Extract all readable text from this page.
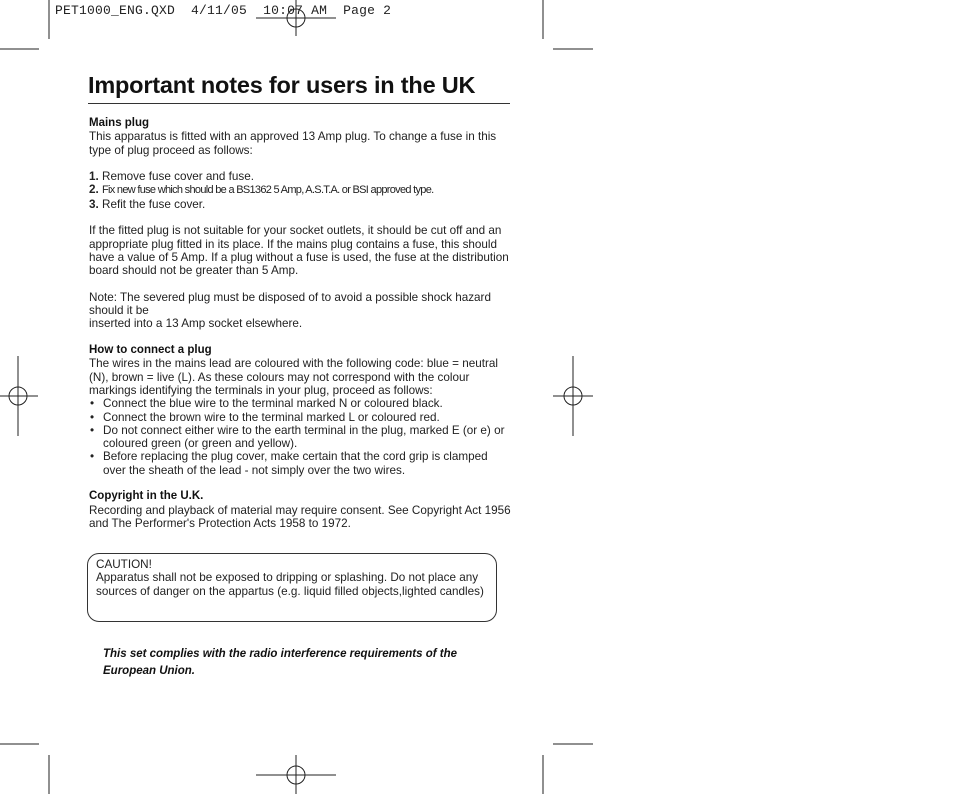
PET1000_ENG.QXD 4/11/05 10:07 AM Page 2
Important notes for users in the UK

Mains plug

This apparatus is fitted with an approved 13 Amp plug. To change a fuse in this type of plug proceed as follows:

1. Remove fuse cover and fuse.
2. Fix new fuse which should be a BS1362 5 Amp, A.S.T.A. or BSI approved type.
3. Refit the fuse cover.

If the fitted plug is not suitable for your socket outlets, it should be cut off and an appropriate plug fitted in its place. If the mains plug contains a fuse, this should have a value of 5 Amp. If a plug without a fuse is used, the fuse at the distribution board should not be greater than 5 Amp.

Note: The severed plug must be disposed of to avoid a possible shock hazard should it be

inserted into a 13 Amp socket elsewhere.

How to connect a plug

The wires in the mains lead are coloured with the following code: blue = neutral (N), brown = live (L). As these colours may not correspond with the colour markings identifying the terminals in your plug, proceed as follows:

• Connect the blue wire to the terminal marked N or coloured black.
• Connect the brown wire to the terminal marked L or coloured red.
• Do not connect either wire to the earth terminal in the plug, marked E (or e) or coloured green (or green and yellow).
• Before replacing the plug cover, make certain that the cord grip is clamped over the sheath of the lead - not simply over the two wires.

Copyright in the U.K.

Recording and playback of material may require consent. See Copyright Act 1956 and The Performer's Protection Acts 1958 to 1972.

CAUTION!

Apparatus shall not be exposed to dripping or splashing. Do not place any sources of danger on the appartus (e.g. liquid filled objects,lighted candles)

This set complies with the radio interference requirements of the European Union.
